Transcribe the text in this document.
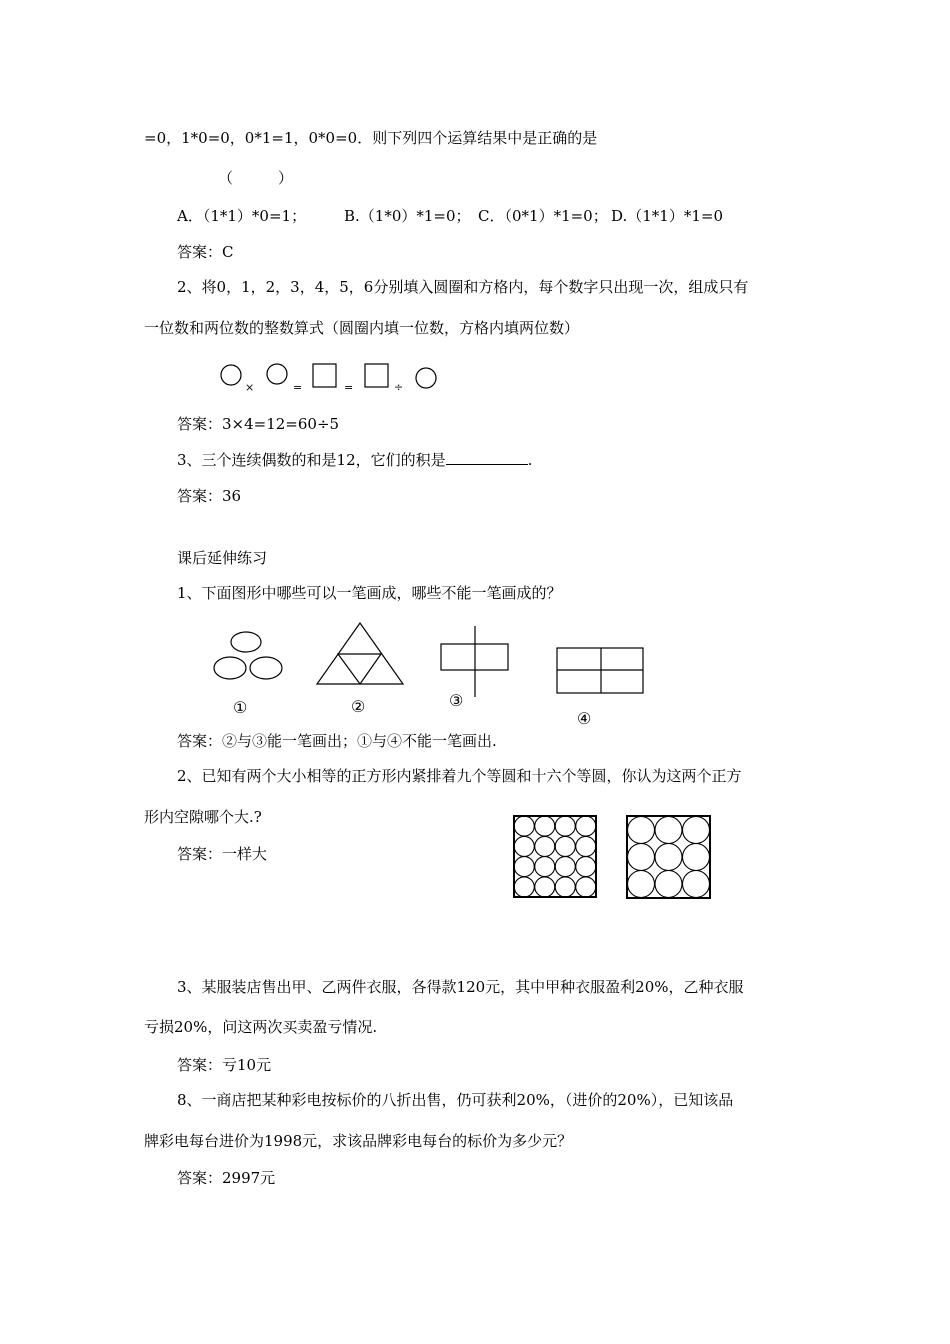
=0，1*0=0，0*1=1，0*0=0．则下列四个运算结果中是正确的是
（　　　）
A．（1*1）*0=1；	B.（1*0）*1=0； C．（0*1）*1=0； D.（1*1）*1=0
答案：C
2、将0，1，2，3，4，5，6分别填入圆圈和方格内，每个数字只出现一次，组成只有
一位数和两位数的整数算式（圆圈内填一位数，方格内填两位数）
×	=	=	÷
答案：3×4=12=60÷5
3、三个连续偶数的和是12，它们的积是	.
答案：36
课后延伸练习
1、下面图形中哪些可以一笔画成，哪些不能一笔画成的？
①	②	③
④
答案：②与③能一笔画出；①与④不能一笔画出.
2、已知有两个大小相等的正方形内紧排着九个等圆和十六个等圆，你认为这两个正方
形内空隙哪个大.?
答案：一样大
3、某服装店售出甲、乙两件衣服，各得款120元，其中甲种衣服盈利20%，乙种衣服
亏损20%，问这两次买卖盈亏情况.
答案：亏10元
8、一商店把某种彩电按标价的八折出售，仍可获利20%，（进价的20%），已知该品
牌彩电每台进价为1998元，求该品牌彩电每台的标价为多少元？
答案：2997元
